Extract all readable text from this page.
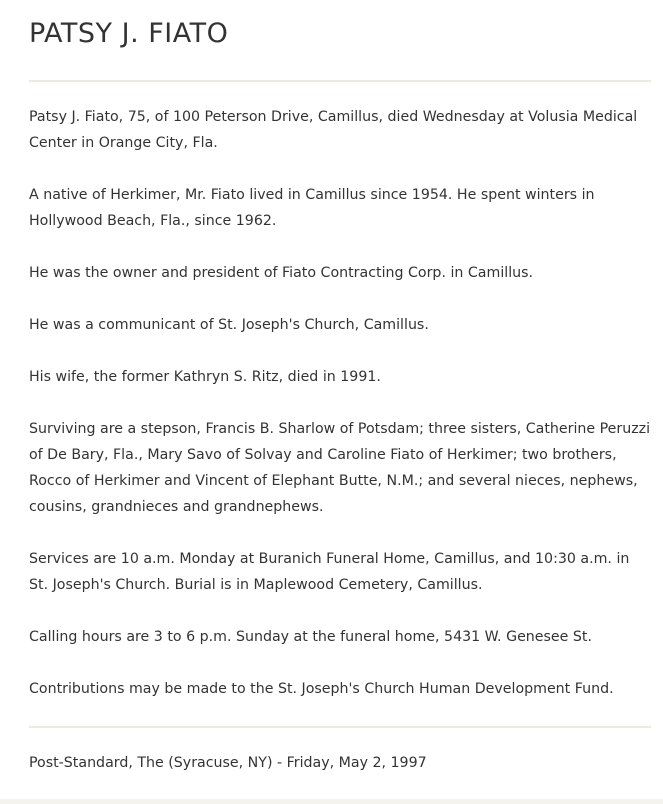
PATSY J. FIATO

Patsy J. Fiato, 75, of 100 Peterson Drive, Camillus, died Wednesday at Volusia Medical Center in Orange City, Fla.

A native of Herkimer, Mr. Fiato lived in Camillus since 1954. He spent winters in Hollywood Beach, Fla., since 1962.

He was the owner and president of Fiato Contracting Corp. in Camillus.

He was a communicant of St. Joseph's Church, Camillus.

His wife, the former Kathryn S. Ritz, died in 1991.

Surviving are a stepson, Francis B. Sharlow of Potsdam; three sisters, Catherine Peruzzi of De Bary, Fla., Mary Savo of Solvay and Caroline Fiato of Herkimer; two brothers, Rocco of Herkimer and Vincent of Elephant Butte, N.M.; and several nieces, nephews, cousins, grandnieces and grandnephews.

Services are 10 a.m. Monday at Buranich Funeral Home, Camillus, and 10:30 a.m. in St. Joseph's Church. Burial is in Maplewood Cemetery, Camillus.

Calling hours are 3 to 6 p.m. Sunday at the funeral home, 5431 W. Genesee St.

Contributions may be made to the St. Joseph's Church Human Development Fund.

Post-Standard, The (Syracuse, NY) - Friday, May 2, 1997
